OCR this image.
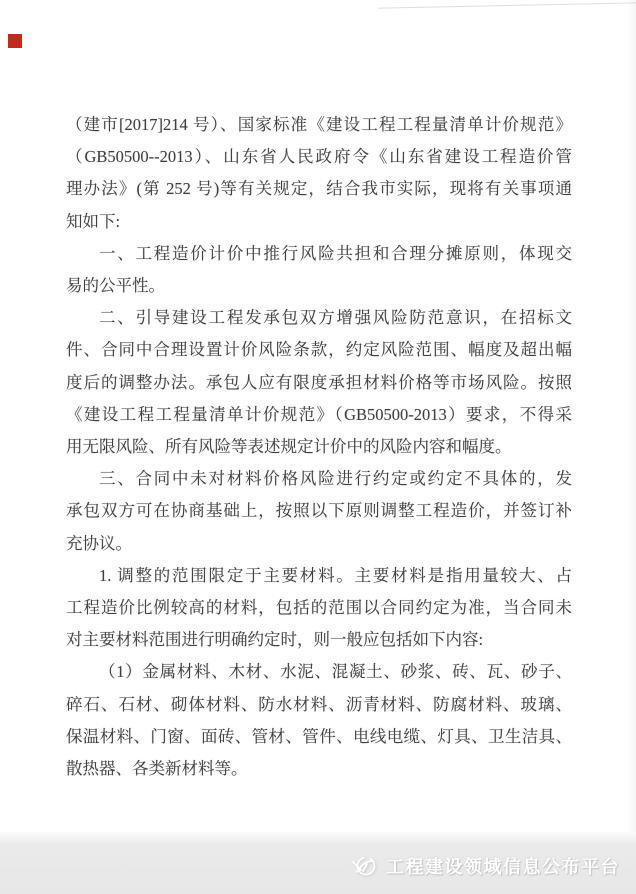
（建市[2017]214 号）、国家标准《建设工程工程量清单计价规范》
（GB50500--2013）、山东省人民政府令《山东省建设工程造价管
理办法》(第 252 号)等有关规定，结合我市实际，现将有关事项通
知如下:
一、工程造价计价中推行风险共担和合理分摊原则，体现交
易的公平性。
二、引导建设工程发承包双方增强风险防范意识，在招标文
件、合同中合理设置计价风险条款，约定风险范围、幅度及超出幅
度后的调整办法。承包人应有限度承担材料价格等市场风险。按照
《建设工程工程量清单计价规范》（GB50500-2013）要求，不得采
用无限风险、所有风险等表述规定计价中的风险内容和幅度。
三、合同中未对材料价格风险进行约定或约定不具体的，发
承包双方可在协商基础上，按照以下原则调整工程造价，并签订补
充协议。
1. 调整的范围限定于主要材料。主要材料是指用量较大、占
工程造价比例较高的材料，包括的范围以合同约定为准，当合同未
对主要材料范围进行明确约定时，则一般应包括如下内容:
（1）金属材料、木材、水泥、混凝土、砂浆、砖、瓦、砂子、
碎石、石材、砌体材料、防水材料、沥青材料、防腐材料、玻璃、
保温材料、门窗、面砖、管材、管件、电线电缆、灯具、卫生洁具、
散热器、各类新材料等。
工程建设领域信息公布平台
